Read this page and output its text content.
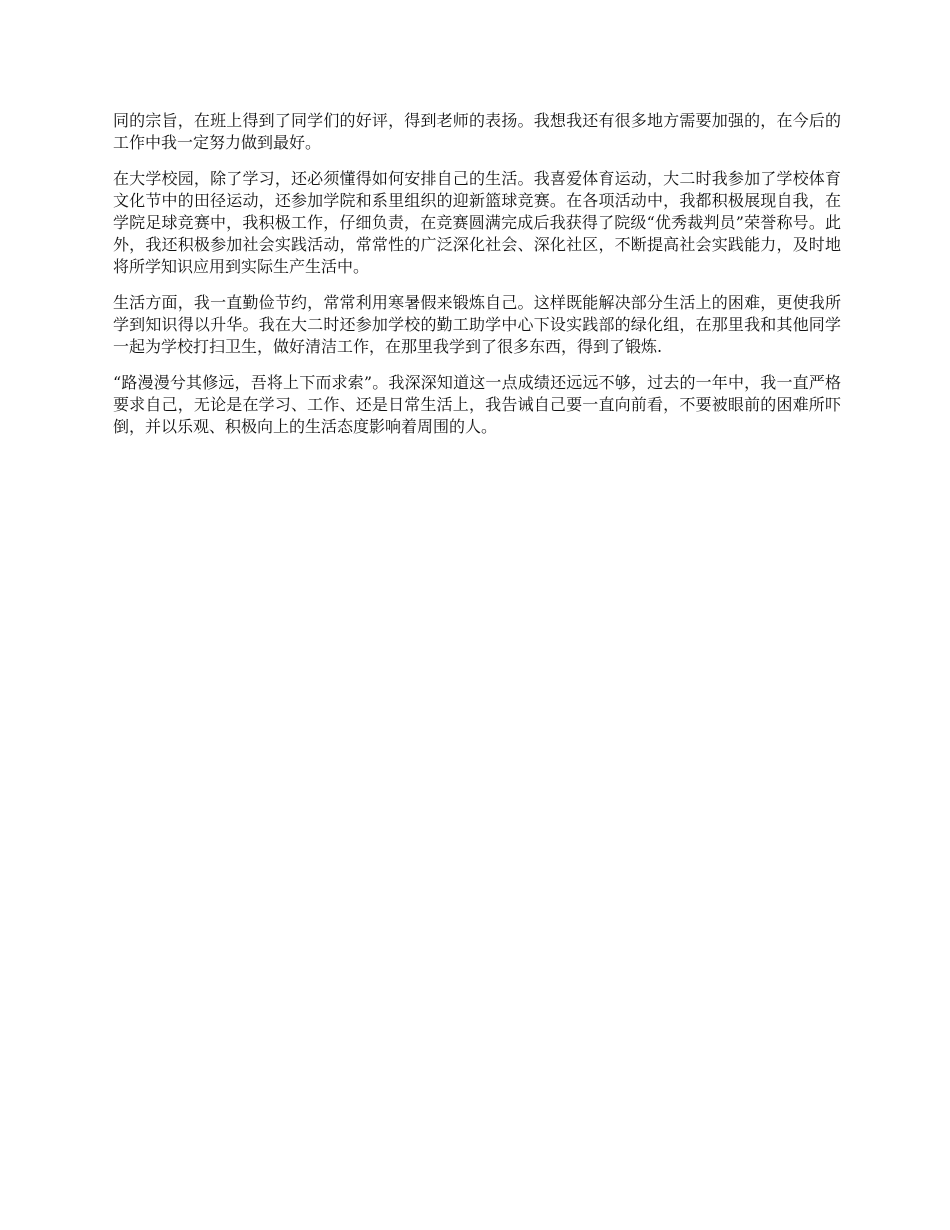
同的宗旨，在班上得到了同学们的好评，得到老师的表扬。我想我还有很多地方需要加强的，在今后的工作中我一定努力做到最好。

在大学校园，除了学习，还必须懂得如何安排自己的生活。我喜爱体育运动，大二时我参加了学校体育文化节中的田径运动，还参加学院和系里组织的迎新篮球竞赛。在各项活动中，我都积极展现自我，在学院足球竞赛中，我积极工作，仔细负责，在竞赛圆满完成后我获得了院级“优秀裁判员”荣誉称号。此外，我还积极参加社会实践活动，常常性的广泛深化社会、深化社区，不断提高社会实践能力，及时地将所学知识应用到实际生产生活中。

生活方面，我一直勤俭节约，常常利用寒暑假来锻炼自己。这样既能解决部分生活上的困难，更使我所学到知识得以升华。我在大二时还参加学校的勤工助学中心下设实践部的绿化组，在那里我和其他同学一起为学校打扫卫生，做好清洁工作，在那里我学到了很多东西，得到了锻炼.

“路漫漫兮其修远，吾将上下而求索”。我深深知道这一点成绩还远远不够，过去的一年中，我一直严格要求自己，无论是在学习、工作、还是日常生活上，我告诫自己要一直向前看，不要被眼前的困难所吓倒，并以乐观、积极向上的生活态度影响着周围的人。
